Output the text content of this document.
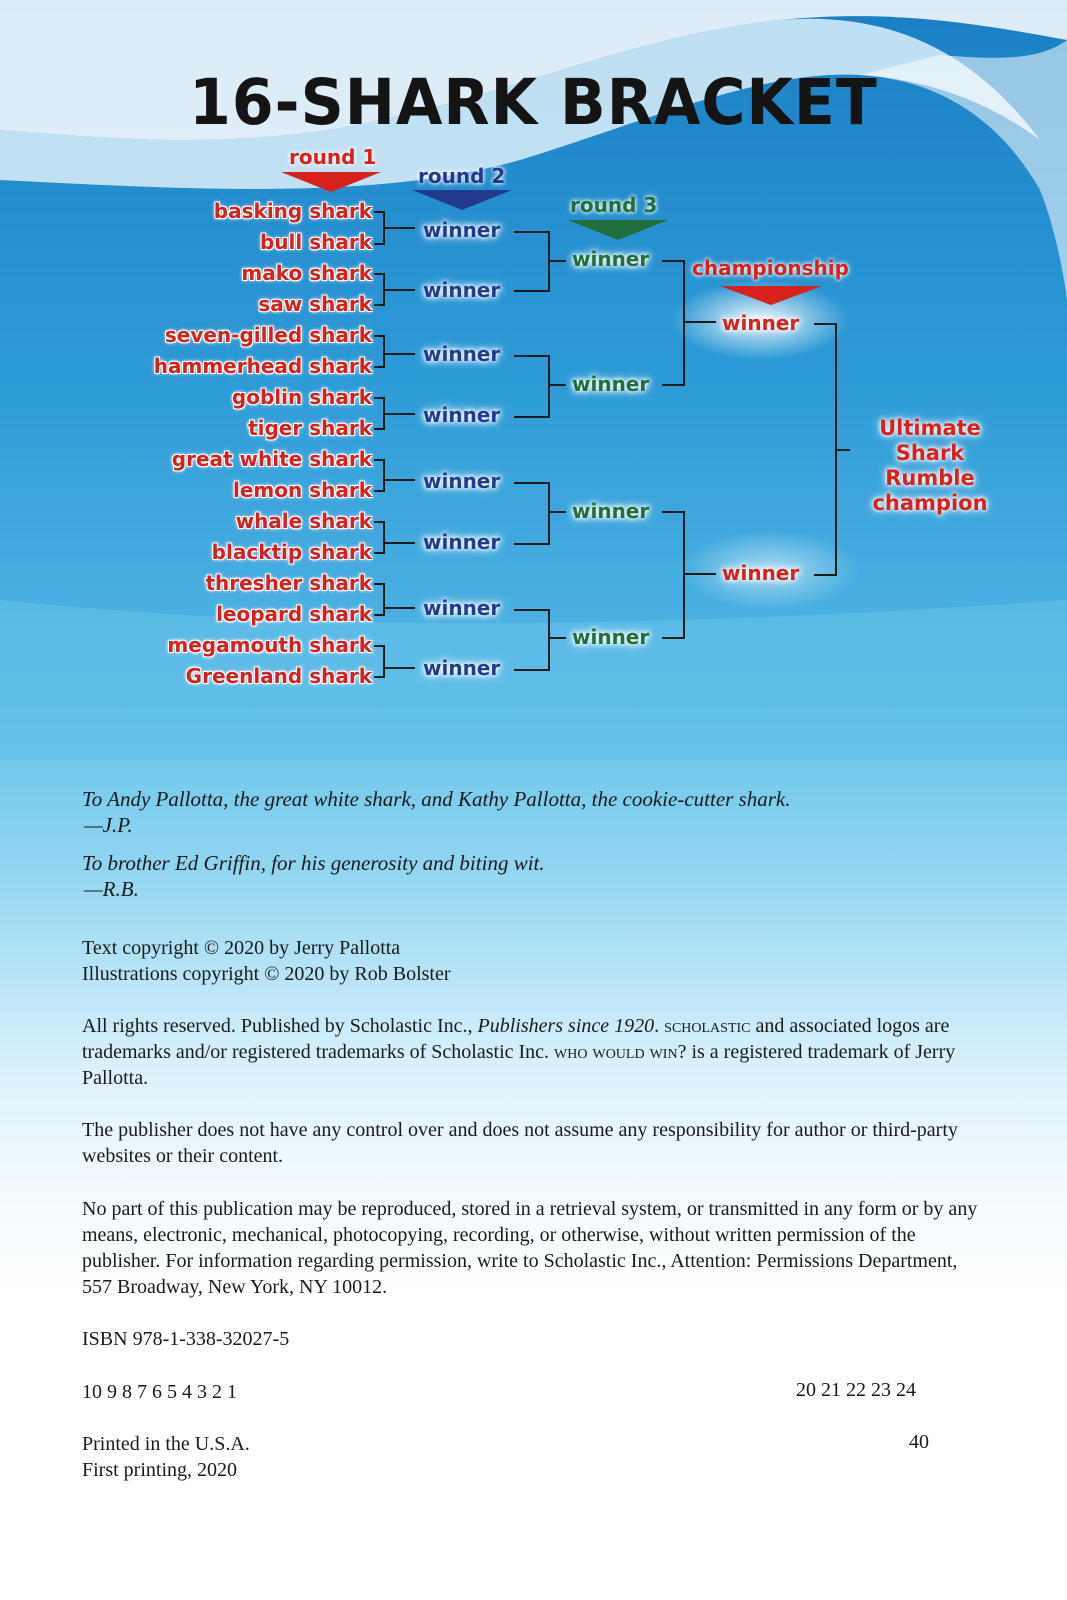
16-SHARK BRACKET
round 1
round 2
round 3
championship
basking shark
bull shark
mako shark
saw shark
seven-gilled shark
hammerhead shark
goblin shark
tiger shark
great white shark
lemon shark
whale shark
blacktip shark
thresher shark
leopard shark
megamouth shark
Greenland shark
winner
winner
winner
winner
winner
winner
winner
winner
winner
winner
winner
winner
winner
winner
Ultimate
Shark
Rumble
champion
To Andy Pallotta, the great white shark, and Kathy Pallotta, the cookie-cutter shark.
—J.P.
To brother Ed Griffin, for his generosity and biting wit.
—R.B.
Text copyright © 2020 by Jerry Pallotta
Illustrations copyright © 2020 by Rob Bolster
All rights reserved. Published by Scholastic Inc., Publishers since 1920. scholastic and associated logos are trademarks and/or registered trademarks of Scholastic Inc. who would win? is a registered trademark of Jerry Pallotta.
The publisher does not have any control over and does not assume any responsibility for author or third-party websites or their content.
No part of this publication may be reproduced, stored in a retrieval system, or transmitted in any form or by any means, electronic, mechanical, photocopying, recording, or otherwise, without written permission of the publisher. For information regarding permission, write to Scholastic Inc., Attention: Permissions Department, 557 Broadway, New York, NY 10012.
ISBN 978-1-338-32027-5
10 9 8 7 6 5 4 3 2 1	20 21 22 23 24
Printed in the U.S.A.
First printing, 2020
40
